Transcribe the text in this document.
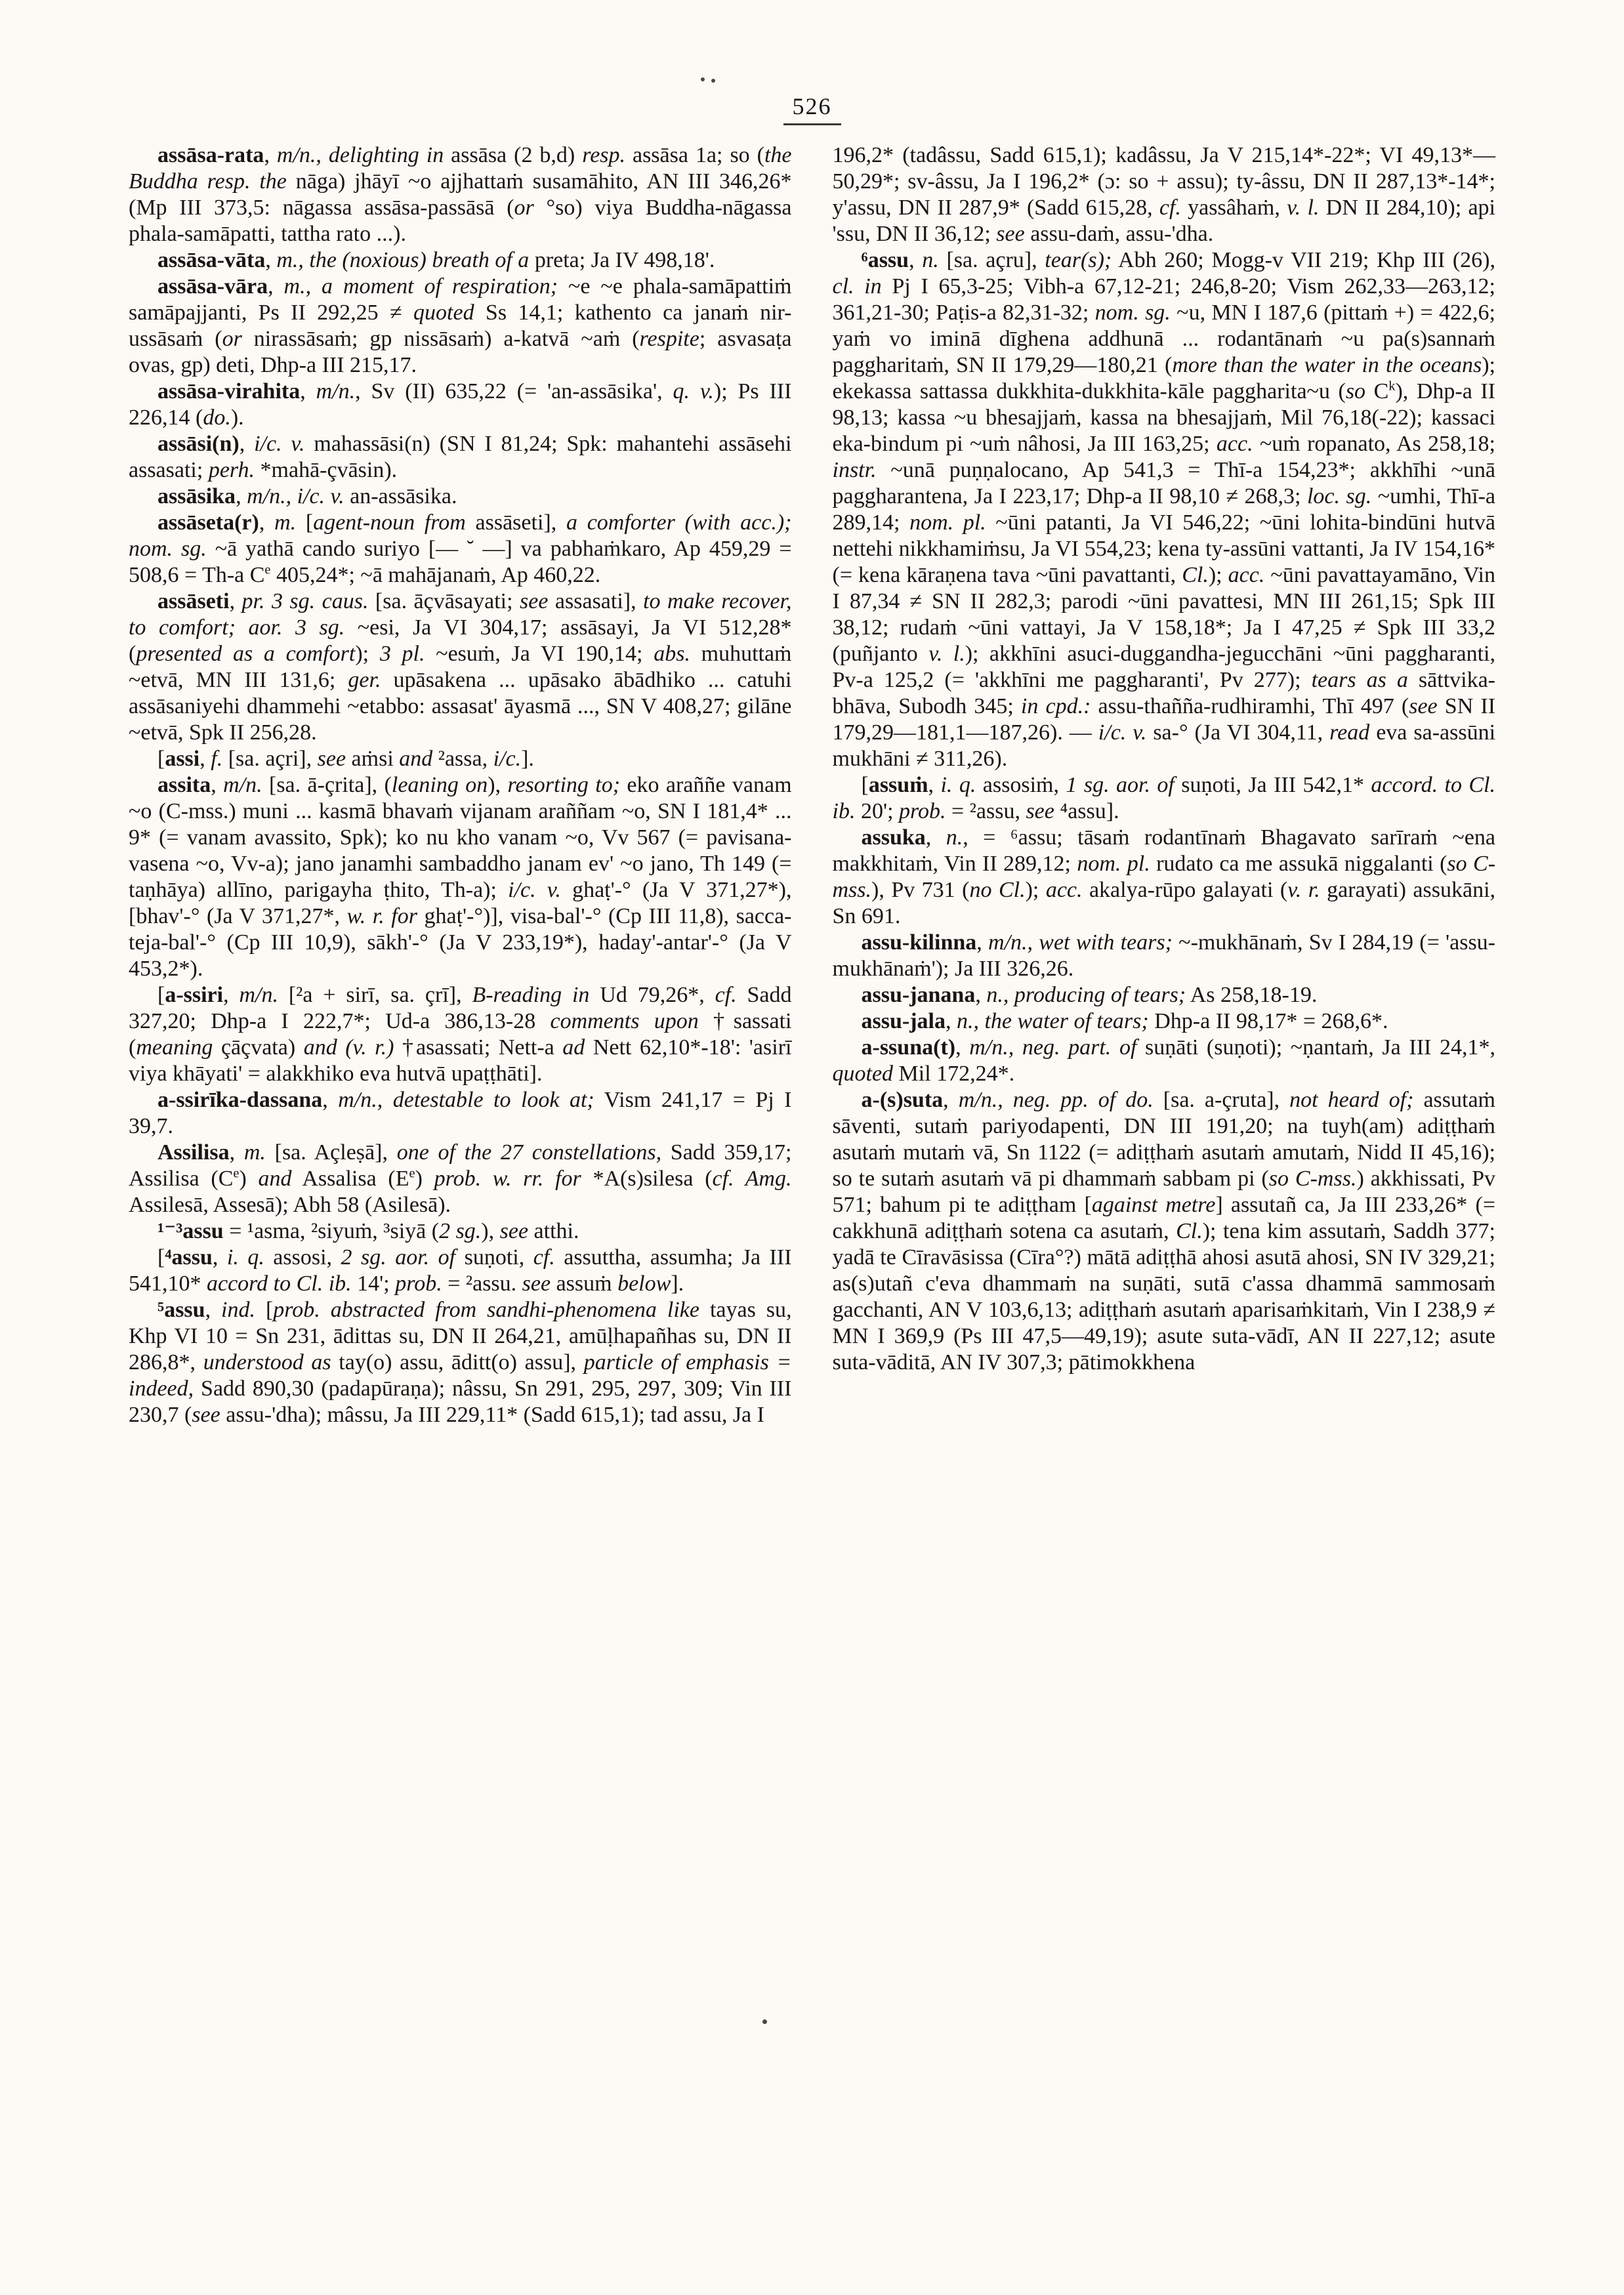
526

assāsa-rata, m/n., delighting in assāsa (2 b,d) resp. assāsa 1a; so (the Buddha resp. the nāga) jhāyī ~o ajjhattaṁ susamāhito, AN III 346,26* (Mp III 373,5: nāgassa assāsa-passāsā (or °so) viya Buddha-nāgassa phala-samāpatti, tattha rato ...).

assāsa-vāta, m., the (noxious) breath of a preta; Ja IV 498,18'.

assāsa-vāra, m., a moment of respiration; ~e ~e phala-samāpattiṁ samāpajjanti, Ps II 292,25 ≠ quoted Ss 14,1; kathento ca janaṁ nir-ussāsaṁ (or nirassāsaṁ; gp nissāsaṁ) a-katvā ~aṁ (respite; asvasaṭa ovas, gp) deti, Dhp-a III 215,17.

assāsa-virahita, m/n., Sv (II) 635,22 (= 'an-assāsika', q. v.); Ps III 226,14 (do.).

assāsi(n), i/c. v. mahassāsi(n) (SN I 81,24; Spk: mahantehi assāsehi assasati; perh. *mahā-çvāsin).

assāsika, m/n., i/c. v. an-assāsika.

assāseta(r), m. [agent-noun from assāseti], a comforter (with acc.); nom. sg. ~ā yathā cando suriyo [— ˘ —] va pabhaṁkaro, Ap 459,29 = 508,6 = Th-a Ce 405,24*; ~ā mahājanaṁ, Ap 460,22.

assāseti, pr. 3 sg. caus. [sa. āçvāsayati; see assasati], to make recover, to comfort; aor. 3 sg. ~esi, Ja VI 304,17; assāsayi, Ja VI 512,28* (presented as a comfort); 3 pl. ~esuṁ, Ja VI 190,14; abs. muhuttaṁ ~etvā, MN III 131,6; ger. upāsakena ... upāsako ābādhiko ... catuhi assāsaniyehi dhammehi ~etabbo: assasat' āyasmā ..., SN V 408,27; gilāne ~etvā, Spk II 256,28.

[assi, f. [sa. açri], see aṁsi and ²assa, i/c.].

assita, m/n. [sa. ā-çrita], (leaning on), resorting to; eko araññe vanam ~o (C-mss.) muni ... kasmā bhavaṁ vijanam araññam ~o, SN I 181,4* ... 9* (= vanam avassito, Spk); ko nu kho vanam ~o, Vv 567 (= pavisana-vasena ~o, Vv-a); jano janamhi sambaddho janam ev' ~o jano, Th 149 (= taṇhāya) allīno, parigayha ṭhito, Th-a); i/c. v. ghaṭ'-° (Ja V 371,27*), [bhav'-° (Ja V 371,27*, w. r. for ghaṭ'-°)], visa-bal'-° (Cp III 11,8), sacca-teja-bal'-° (Cp III 10,9), sākh'-° (Ja V 233,19*), haday'-antar'-° (Ja V 453,2*).

[a-ssiri, m/n. [²a + sirī, sa. çrī], B-reading in Ud 79,26*, cf. Sadd 327,20; Dhp-a I 222,7*; Ud-a 386,13-28 comments upon †sassati (meaning çāçvata) and (v. r.) †asassati; Nett-a ad Nett 62,10*-18': 'asirī viya khāyati' = alakkhiko eva hutvā upaṭṭhāti].

a-ssirīka-dassana, m/n., detestable to look at; Vism 241,17 = Pj I 39,7.

Assilisa, m. [sa. Açleṣā], one of the 27 constellations, Sadd 359,17; Assilisa (Ce) and Assalisa $(E^e)$ prob. w. rr. for *A(s)silesa (cf. Amg. Assilesā, Assesā); Abh 58 (Asilesā).

¹⁻³assu = ¹asma, ²siyuṁ, ³siyā (2 sg.), see atthi.

[⁴assu, i. q. assosi, 2 sg. aor. of suṇoti, cf. assuttha, assumha; Ja III 541,10* accord to Cl. ib. 14'; prob. = ²assu. see assuṁ below].

⁵assu, ind. [prob. abstracted from sandhi-phenomena like tayas su, Khp VI 10 = Sn 231, ādittas su, DN II 264,21, amūḷhapañhas su, DN II 286,8*, understood as tay(o) assu, āditt(o) assu], particle of emphasis = indeed, Sadd 890,30 (padapūraṇa); nâssu, Sn 291, 295, 297, 309; Vin III 230,7 (see assu-'dha); mâssu, Ja III 229,11* (Sadd 615,1); tad assu, Ja I

196,2* (tadâssu, Sadd 615,1); kadâssu, Ja V 215,14*-22*; VI 49,13*—50,29*; sv-âssu, Ja I 196,2* (ɔ: so + assu); ty-âssu, DN II 287,13*-14*; y'assu, DN II 287,9* (Sadd 615,28, cf. yassâhaṁ, v. l. DN II 284,10); api 'ssu, DN II 36,12; see assu-daṁ, assu-'dha.

⁶assu, n. [sa. açru], tear(s); Abh 260; Mogg-v VII 219; Khp III (26), cl. in Pj I 65,3-25; Vibh-a 67,12-21; 246,8-20; Vism 262,33—263,12; 361,21-30; Paṭis-a 82,31-32; nom. sg. ~u, MN I 187,6 (pittaṁ +) = 422,6; yaṁ vo iminā dīghena addhunā ... rodantānaṁ ~u pa(s)sannaṁ paggharitaṁ, SN II 179,29—180,21 (more than the water in the oceans); ekekassa sattassa dukkhita-dukkhita-kāle paggharita~u (so $C^k$), Dhp-a II 98,13; kassa ~u bhesajjaṁ, kassa na bhesajjaṁ, Mil 76,18(-22); kassaci eka-bindum pi ~uṁ nâhosi, Ja III 163,25; acc. ~uṁ ropanato, As 258,18; instr. ~unā puṇṇalocano, Ap 541,3 = Thī-a 154,23*; akkhīhi ~unā paggharantena, Ja I 223,17; Dhp-a II 98,10 ≠ 268,3; loc. sg. ~umhi, Thī-a 289,14; nom. pl. ~ūni patanti, Ja VI 546,22; ~ūni lohita-bindūni hutvā nettehi nikkhamiṁsu, Ja VI 554,23; kena ty-assūni vattanti, Ja IV 154,16* (= kena kāraṇena tava ~ūni pavattanti, Cl.); acc. ~ūni pavattayamāno, Vin I 87,34 ≠ SN II 282,3; parodi ~ūni pavattesi, MN III 261,15; Spk III 38,12; rudaṁ ~ūni vattayi, Ja V 158,18*; Ja I 47,25 ≠ Spk III 33,2 (puñjanto v. l.); akkhīni asuci-duggandha-jegucchāni ~ūni paggharanti, Pv-a 125,2 (= 'akkhīni me paggharanti', Pv 277); tears as a sāttvika-bhāva, Subodh 345; in cpd.: assu-thañña-rudhiramhi, Thī 497 (see SN II 179,29—181,1—187,26). — i/c. v. sa-° (Ja VI 304,11, read eva sa-assūni mukhāni ≠ 311,26).

[assuṁ, i. q. assosiṁ, 1 sg. aor. of suṇoti, Ja III 542,1* accord. to Cl. ib. 20'; prob. = ²assu, see ⁴assu].

assuka, n., = ⁶assu; tāsaṁ rodantīnaṁ Bhagavato sarīraṁ ~ena makkhitaṁ, Vin II 289,12; nom. pl. rudato ca me assukā niggalanti (so C-mss.), Pv 731 (no Cl.); acc. akalya-rūpo galayati (v. r. garayati) assukāni, Sn 691.

assu-kilinna, m/n., wet with tears; ~-mukhānaṁ, Sv I 284,19 (= 'assu-mukhānaṁ'); Ja III 326,26.

assu-janana, n., producing of tears; As 258,18-19.

assu-jala, n., the water of tears; Dhp-a II 98,17* = 268,6*.

a-ssuna(t), m/n., neg. part. of suṇāti (suṇoti); ~ṇantaṁ, Ja III 24,1*, quoted Mil 172,24*.

a-(s)suta, m/n., neg. pp. of do. [sa. a-çruta], not heard of; assutaṁ sāventi, sutaṁ pariyodapenti, DN III 191,20; na tuyh(am) adiṭṭhaṁ asutaṁ mutaṁ vā, Sn 1122 (= adiṭṭhaṁ asutaṁ amutaṁ, Nidd II 45,16); so te sutaṁ asutaṁ vā pi dhammaṁ sabbam pi (so C-mss.) akkhissati, Pv 571; bahum pi te adiṭṭham [against metre] assutañ ca, Ja III 233,26* (= cakkhunā adiṭṭhaṁ sotena ca asutaṁ, Cl.); tena kim assutaṁ, Saddh 377; yadā te Cīravāsissa (Cīra°?) mātā adiṭṭhā ahosi asutā ahosi, SN IV 329,21; as(s)utañ c'eva dhammaṁ na suṇāti, sutā c'assa dhammā sammosaṁ gacchanti, AN V 103,6,13; adiṭṭhaṁ asutaṁ aparisaṁkitaṁ, Vin I 238,9 ≠ MN I 369,9 (Ps III 47,5—49,19); asute suta-vādī, AN II 227,12; asute suta-vāditā, AN IV 307,3; pātimokkhena
